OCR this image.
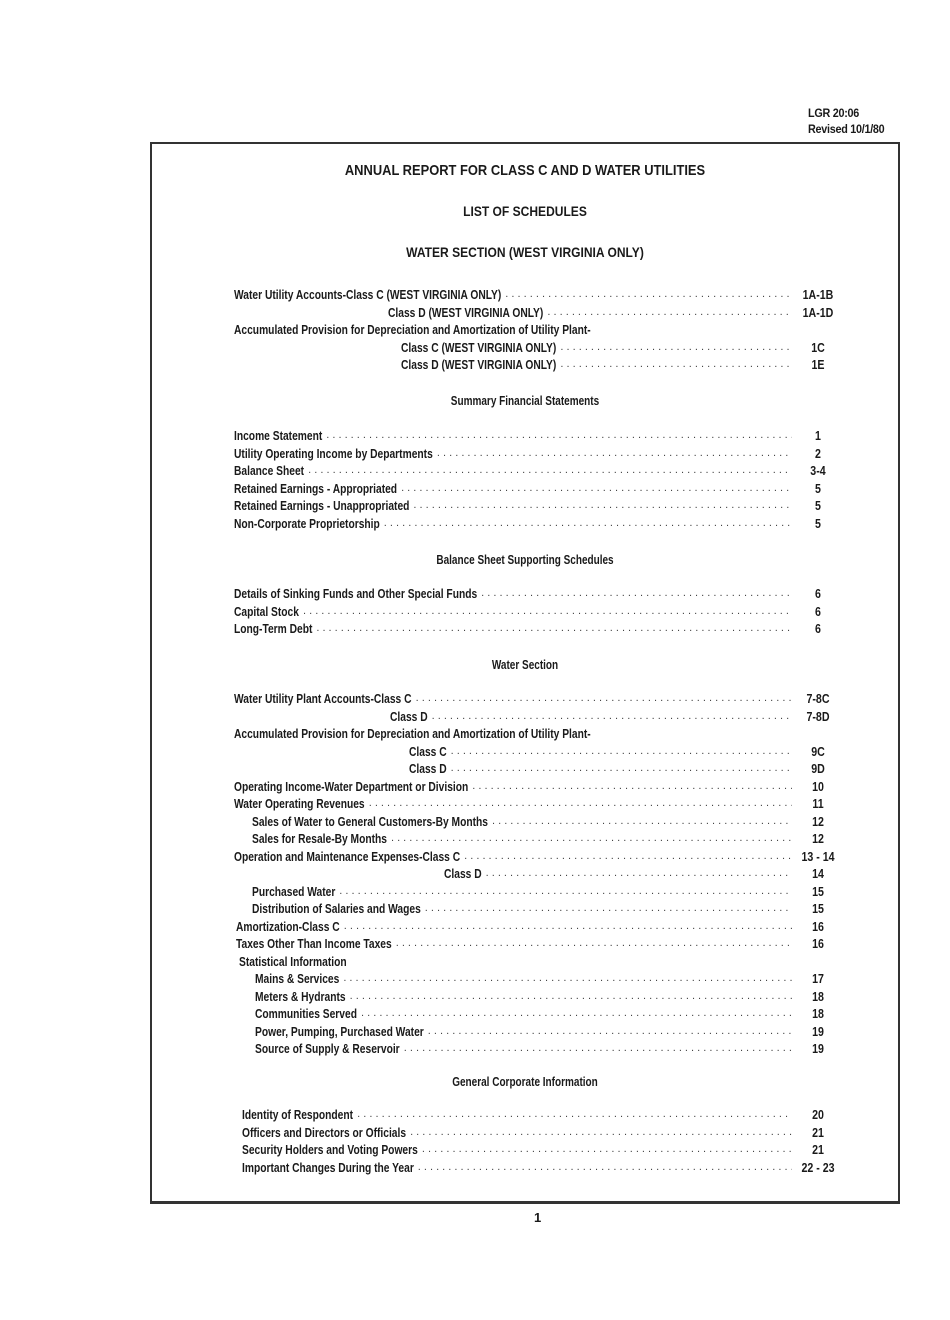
LGR 20:06
Revised 10/1/80
ANNUAL REPORT FOR CLASS C AND D WATER UTILITIES
LIST OF SCHEDULES
WATER SECTION (WEST VIRGINIA ONLY)
Water Utility Accounts-Class C (WEST VIRGINIA ONLY) . . .	1A-1B
Class D (WEST VIRGINIA ONLY) . . .	1A-1D
Accumulated Provision for Depreciation and Amortization of Utility Plant-
Class C (WEST VIRGINIA ONLY) . . .	1C
Class D (WEST VIRGINIA ONLY) . . .	1E
Summary Financial Statements
Income Statement . . .	1
Utility Operating Income by Departments . . .	2
Balance Sheet . . .	3-4
Retained Earnings - Appropriated . . .	5
Retained Earnings - Unappropriated . . .	5
Non-Corporate Proprietorship . . .	5
Balance Sheet Supporting Schedules
Details of Sinking Funds and Other Special Funds . . .	6
Capital Stock . . .	6
Long-Term Debt . . .	6
Water Section
Water Utility Plant Accounts-Class C . . .	7-8C
Class D . . .	7-8D
Accumulated Provision for Depreciation and Amortization of Utility Plant-
Class C . . .	9C
Class D . . .	9D
Operating Income-Water Department or Division . . .	10
Water Operating Revenues . . .	11
Sales of Water to General Customers-By Months . . .	12
Sales for Resale-By Months . . .	12
Operation and Maintenance Expenses-Class C . . .	13 - 14
Class D . . .	14
Purchased Water . . .	15
Distribution of Salaries and Wages . . .	15
Amortization-Class C . . .	16
Taxes Other Than Income Taxes . . .	16
Statistical Information
Mains & Services . . .	17
Meters & Hydrants . . .	18
Communities Served . . .	18
Power, Pumping, Purchased Water . . .	19
Source of Supply & Reservoir . . .	19
General Corporate Information
Identity of Respondent . . .	20
Officers and Directors or Officials . . .	21
Security Holders and Voting Powers . . .	21
Important Changes During the Year . . .	22 - 23
1
